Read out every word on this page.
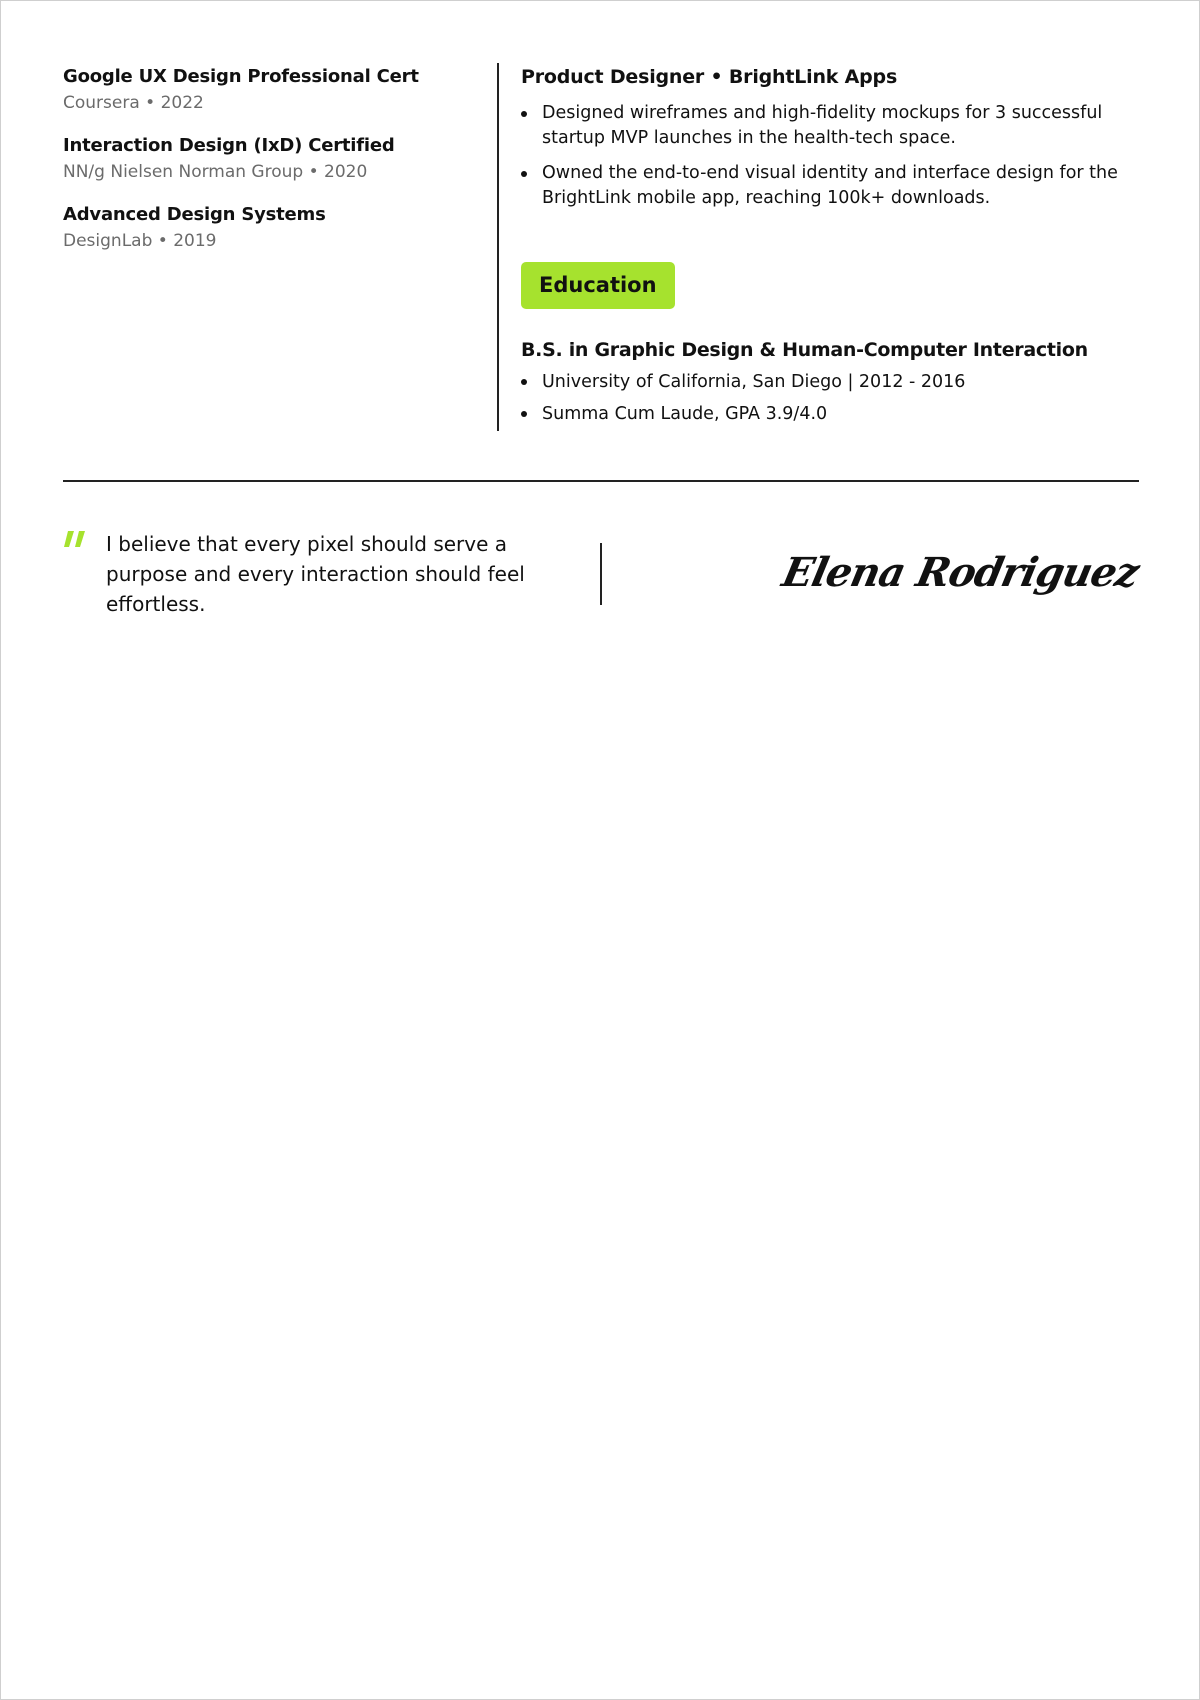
Google UX Design Professional Cert
Coursera • 2022
Interaction Design (IxD) Certified
NN/g Nielsen Norman Group • 2020
Advanced Design Systems
DesignLab • 2019
Product Designer • BrightLink Apps
Designed wireframes and high-fidelity mockups for 3 successful startup MVP launches in the health-tech space.
Owned the end-to-end visual identity and interface design for the BrightLink mobile app, reaching 100k+ downloads.
Education
B.S. in Graphic Design & Human-Computer Interaction
University of California, San Diego | 2012 - 2016
Summa Cum Laude, GPA 3.9/4.0
I believe that every pixel should serve a purpose and every interaction should feel effortless.
Elena Rodriguez
